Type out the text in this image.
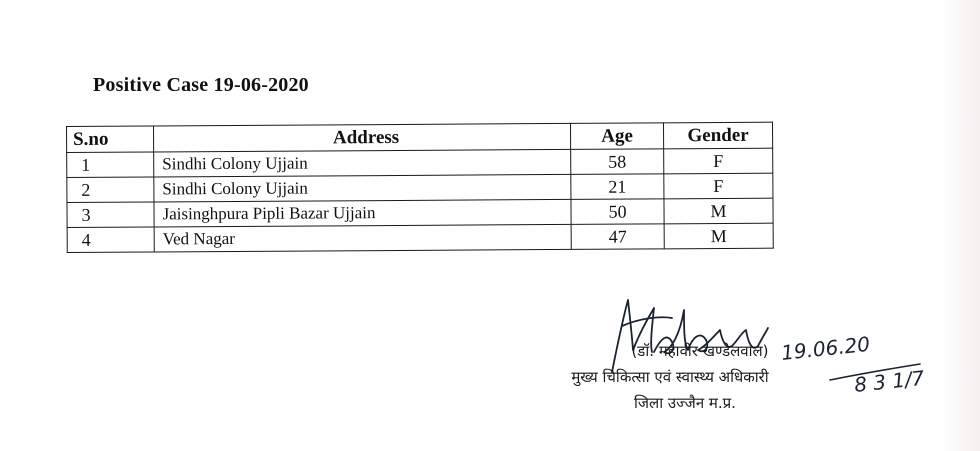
Positive Case 19-06-2020
S.no	Address	Age	Gender
1	Sindhi Colony Ujjain	58	F
2	Sindhi Colony Ujjain	21	F
3	Jaisinghpura Pipli Bazar Ujjain	50	M
4	Ved Nagar	47	M
19.06.20
8 3 1/7
(डॉ. महावीर खण्डेलवाल)
मुख्य चिकित्सा एवं स्वास्थ्य अधिकारी
जिला उज्जैन म.प्र.
